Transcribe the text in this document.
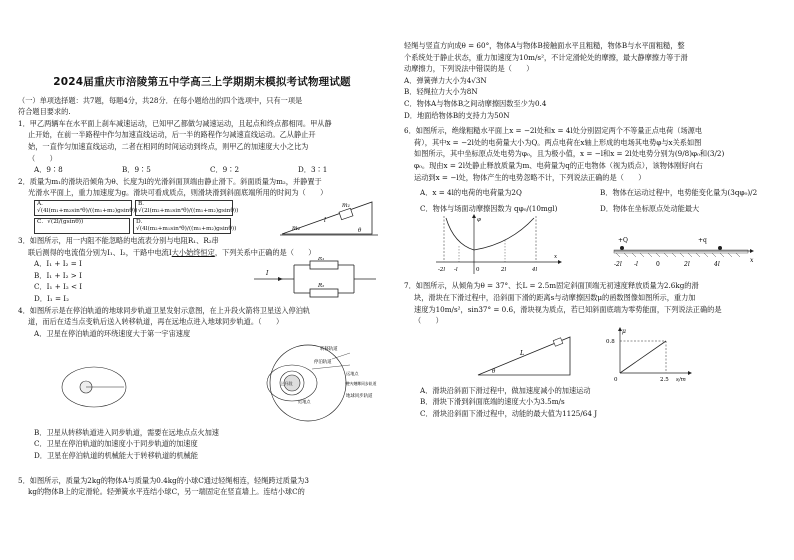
2024届重庆市涪陵第五中学高三上学期期末模拟考试物理试题

（一）单项选择题：共7题，每题4分，共28分．在每小题给出的四个选项中，只有一项是

符合题目要求的.

1．甲乙两辆车在水平面上刹车减速运动，已知甲乙都做匀减速运动，且起点和终点都相同。甲从静

止开始，在前一半路程中作匀加速直线运动，后一半的路程作匀减速直线运动。乙从静止开

始，一直作匀加速直线运动，二者在相同的时间运动到终点，则甲乙的加速度大小之比为

（　　）

A．9∶8	B．9∶5	C．9∶2	D．3∶1

2．质量为m₁的滑块沿倾角为θ、长度为l的光滑斜面顶端由静止滑下。斜面质量为m₂，并静置于

光滑水平面上，重力加速度为g。滑块可看成质点，则滑块滑到斜面底端所用的时间为（　　）

A．√(4l(m₁+m₂sin²θ)/((m₁+m₂)gsinθ))
B．√(2l(m₂+m₁sin²θ)/((m₁+m₂)gsinθ))
C．√(2l/(gsinθ))	D．√(4l(m₂+m₁sin²θ)/((m₁+m₂)gsinθ))
m₁
m₂
l
θ

3．如图所示，用一内阻不能忽略的电流表分别与电阻R₁、R₂串

联后测得的电流值分别为I₁、I₂，干路中电流I大小始终恒定，下列关系中正确的是（　　）

A．I₁ + I₂ = I
B．I₁ + I₂ > I
C．I₁ + I₂ < I
D．I₁ = I₂
I
R₁
R₂

4．如图所示是在停泊轨道的地球同步轨道卫星发射示意图，在上升段火箭将卫星送入停泊轨

道，而后在适当点变轨后送入转移轨道，再在远地点进入地球同步轨道。（　　）

A．卫星在停泊轨道的环绕速度大于第一宇宙速度

转移轨道
停泊轨道
地球同步轨道
上升段
近地点
远地点
进入地球同步轨道

B．卫星从转移轨道进入同步轨道，需要在远地点点火加速

C．卫星在停泊轨道的加速度小于同步轨道的加速度

D．卫星在停泊轨道的机械能大于转移轨道的机械能

5．如图所示，质量为2kg的物体A与质量为0.4kg的小球C通过轻绳相连，轻绳跨过质量为3

kg的物体B上的定滑轮。轻弹簧水平连结小球C，另一端固定在竖直墙上。连结小球C的

轻绳与竖直方向成θ = 60°，物体A与物体B接触面水平且粗糙，物体B与水平面粗糙，整

个系统处于静止状态，重力加速度为10m/s²，不计定滑轮处的摩擦，最大静摩擦力等于滑

动摩擦力，下列说法中错误的是（　　）

A．弹簧弹力大小为4√3N

B．轻绳拉力大小为8N

C．物体A与物体B之间动摩擦因数至少为0.4

D．地面给物体B的支持力为50N

6．如图所示，绝缘粗糙水平面上x = −2l处和x = 4l处分别固定两个不等量正点电荷（场源电

荷），其中x = −2l处的电荷量大小为Q。两点电荷在x轴上形成的电场其电势φ与x关系如图

如图所示，其中坐标原点处电势为φ₀，且为极小值，x = −l和x = 2l处电势分别为(9/8)φ₀和(3/2)

φ₀。现由x = 2l处静止释放质量为m、电荷量为q的正电物体（视为质点），该物体刚好向右

运动到x = −l处，物体产生的电势忽略不计，下列说法正确的是（　　）

A．x = 4l的电荷的电荷量为2Q	B．物体在运动过程中，电势能变化量为(3qφ₀)/2
C．物体与场面动摩擦因数为 qφ₀/(10mgl)	D．物体在坐标原点处动能最大
-2l -l	0	2l	4l
x
φ
+Q	+q
-2l -l	0	2l	4l
x

7．如图所示，从倾角为θ = 37°、长L = 2.5m固定斜面顶端无初速度释放质量为2.6kg的滑

块，滑块在下滑过程中，沿斜面下滑的距离s与动摩擦因数μ的函数图像如图所示，重力加

速度为10m/s²，sin37° = 0.6，滑块视为质点，若已知斜面底端为零势能面，下列说法正确的是

（　　）

L
θ
μ
0.8
0	2.5 s/m

A．滑块沿斜面下滑过程中，做加速度减小的加速运动

B．滑块下滑到斜面底端的速度大小为3.5m/s

C．滑块沿斜面下滑过程中，动能的最大值为1125/64 J
